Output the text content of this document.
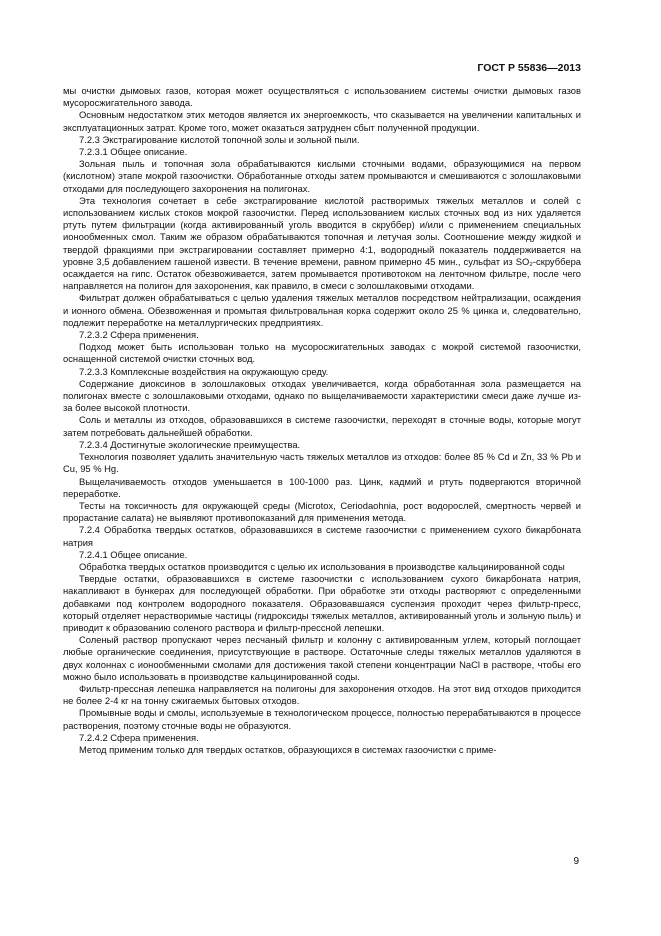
ГОСТ Р 55836—2013

мы очистки дымовых газов, которая может осуществляться с использованием системы очистки дымовых газов мусоросжигательного завода.

Основным недостатком этих методов является их энергоемкость, что сказывается на увеличении капитальных и эксплуатационных затрат. Кроме того, может оказаться затруднен сбыт полученной продукции.

7.2.3 Экстрагирование кислотой топочной золы и зольной пыли.

7.2.3.1 Общее описание.

Зольная пыль и топочная зола обрабатываются кислыми сточными водами, образующимися на первом (кислотном) этапе мокрой газоочистки. Обработанные отходы затем промываются и смешиваются с золошлаковыми отходами для последующего захоронения на полигонах.

Эта технология сочетает в себе экстрагирование кислотой растворимых тяжелых металлов и солей с использованием кислых стоков мокрой газоочистки. Перед использованием кислых сточных вод из них удаляется ртуть путем фильтрации (когда активированный уголь вводится в скруббер) и/или с применением специальных ионообменных смол. Таким же образом обрабатываются топочная и летучая золы. Соотношение между жидкой и твердой фракциями при экстрагировании составляет примерно 4:1, водородный показатель поддерживается на уровне 3,5 добавлением гашеной извести. В течение времени, равном примерно 45 мин., сульфат из SO₂-скруббера осаждается на гипс. Остаток обезвоживается, затем промывается противотоком на ленточном фильтре, после чего направляется на полигон для захоронения, как правило, в смеси с золошлаковыми отходами.

Фильтрат должен обрабатываться с целью удаления тяжелых металлов посредством нейтрализации, осаждения и ионного обмена. Обезвоженная и промытая фильтровальная корка содержит около 25 % цинка и, следовательно, подлежит переработке на металлургических предприятиях.

7.2.3.2 Сфера применения.

Подход может быть использован только на мусоросжигательных заводах с мокрой системой газоочистки, оснащенной системой очистки сточных вод.

7.2.3.3 Комплексные воздействия на окружающую среду.

Содержание диоксинов в золошлаковых отходах увеличивается, когда обработанная зола размещается на полигонах вместе с золошлаковыми отходами, однако по выщелачиваемости характеристики смеси даже лучше из-за более высокой плотности.

Соль и металлы из отходов, образовавшихся в системе газоочистки, переходят в сточные воды, которые могут затем потребовать дальнейшей обработки.

7.2.3.4 Достигнутые экологические преимущества.

Технология позволяет удалить значительную часть тяжелых металлов из отходов: более 85 % Cd и Zn, 33 % Pb и Cu, 95 % Hg.

Выщелачиваемость отходов уменьшается в 100-1000 раз. Цинк, кадмий и ртуть подвергаются вторичной переработке.

Тесты на токсичность для окружающей среды (Microtox, Ceriodaohnia, рост водорослей, смертность червей и прорастание салата) не выявляют противопоказаний для применения метода.

7.2.4 Обработка твердых остатков, образовавшихся в системе газоочистки с применением сухого бикарбоната натрия

7.2.4.1 Общее описание.

Обработка твердых остатков производится с целью их использования в производстве кальцинированной соды

Твердые остатки, образовавшихся в системе газоочистки с использованием сухого бикарбоната натрия, накапливают в бункерах для последующей обработки. При обработке эти отходы растворяют с определенными добавками под контролем водородного показателя. Образовавшаяся суспензия проходит через фильтр-пресс, который отделяет нерастворимые частицы (гидроксиды тяжелых металлов, активированный уголь и зольную пыль) и приводит к образованию соленого раствора и фильтр-прессной лепешки.

Соленый раствор пропускают через песчаный фильтр и колонну с активированным углем, который поглощает любые органические соединения, присутствующие в растворе. Остаточные следы тяжелых металлов удаляются в двух колоннах с ионообменными смолами для достижения такой степени концентрации NaCl в растворе, чтобы его можно было использовать в производстве кальцинированной соды.

Фильтр-прессная лепешка направляется на полигоны для захоронения отходов. На этот вид отходов приходится не более 2-4 кг на тонну сжигаемых бытовых отходов.

Промывные воды и смолы, используемые в технологическом процессе, полностью перерабатываются в процессе растворения, поэтому сточные воды не образуются.

7.2.4.2 Сфера применения.

Метод применим только для твердых остатков, образующихся в системах газоочистки с приме-

9
